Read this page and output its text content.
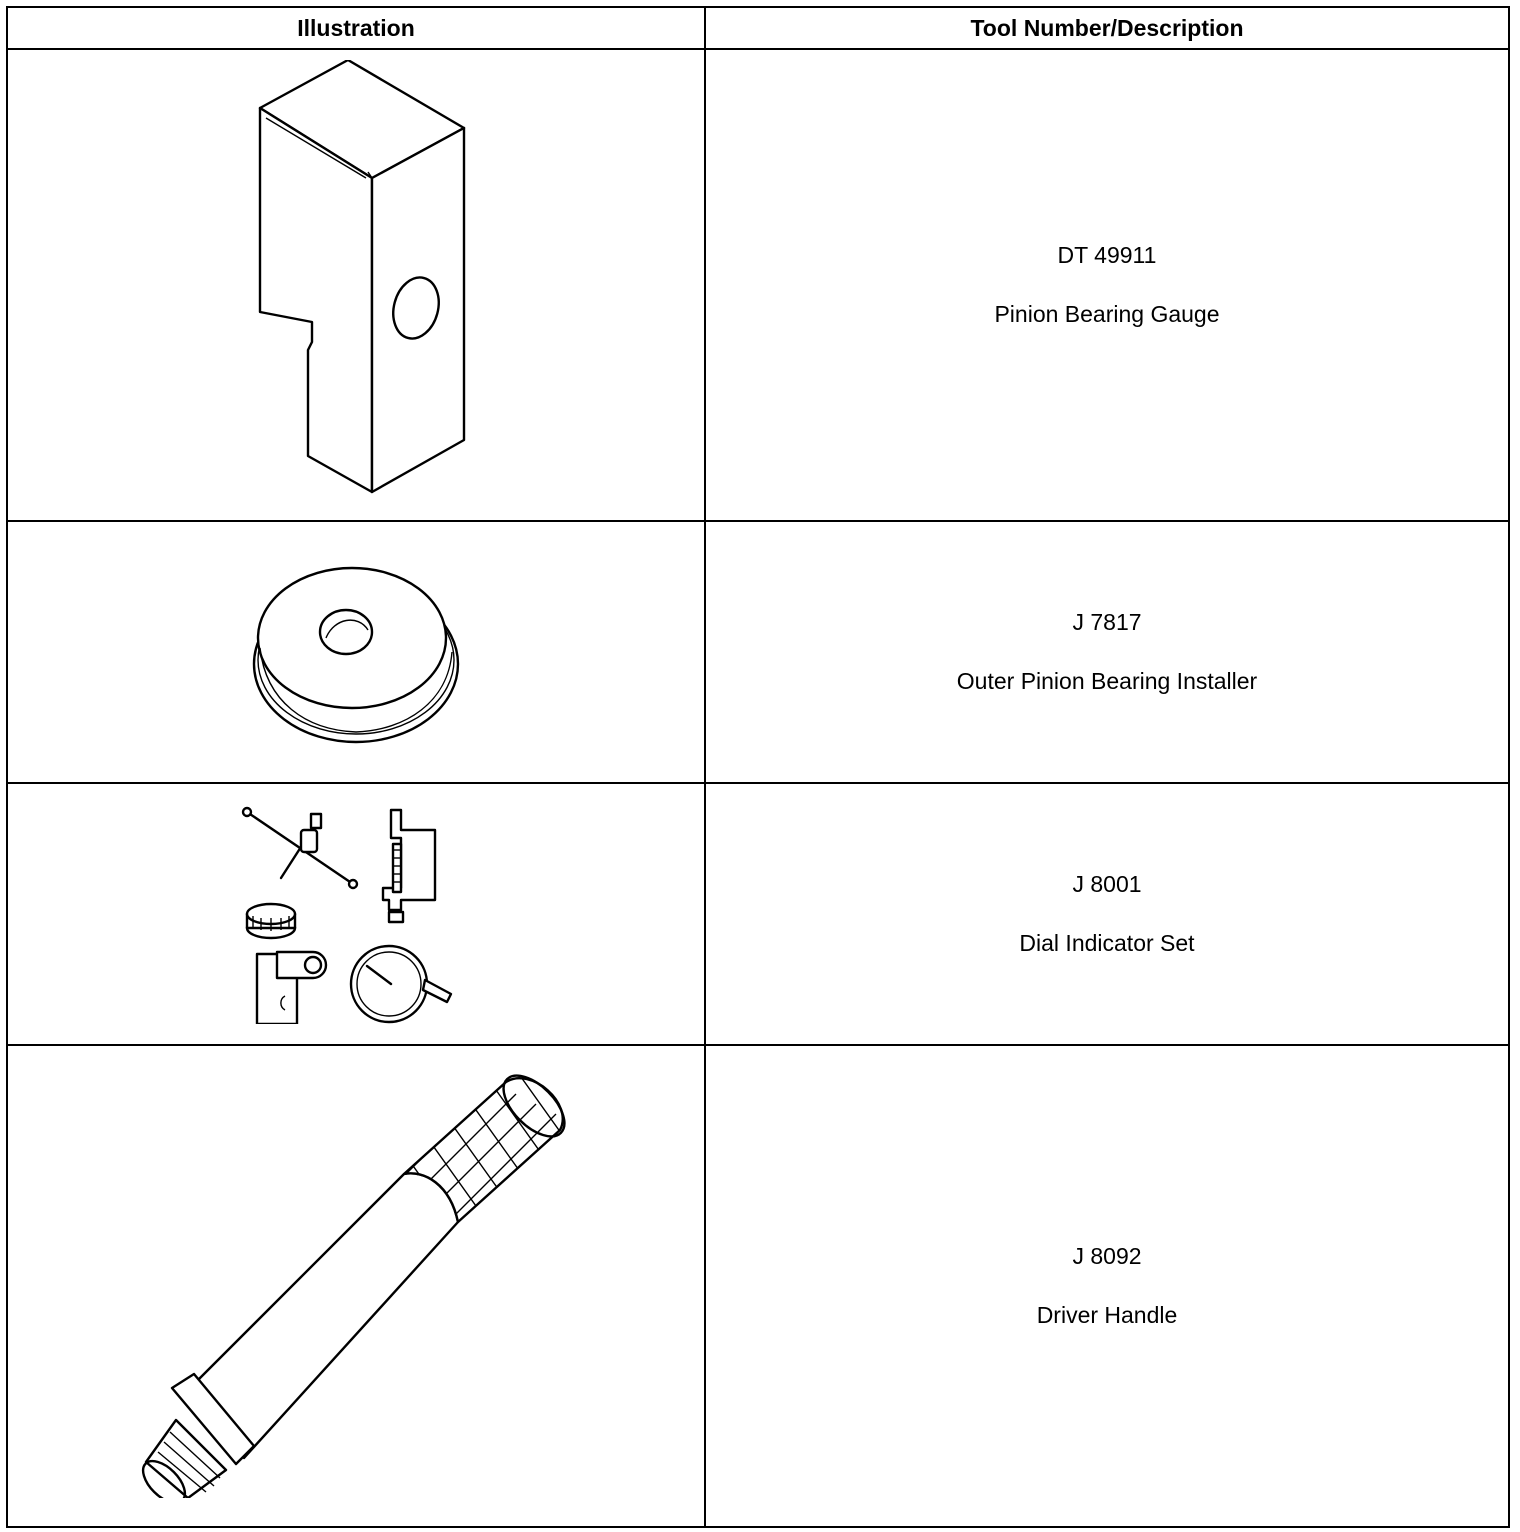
Illustration	Tool Number/Description

DT 49911
Pinion Bearing Gauge

J 7817
Outer Pinion Bearing Installer

J 8001
Dial Indicator Set

J 8092
Driver Handle
